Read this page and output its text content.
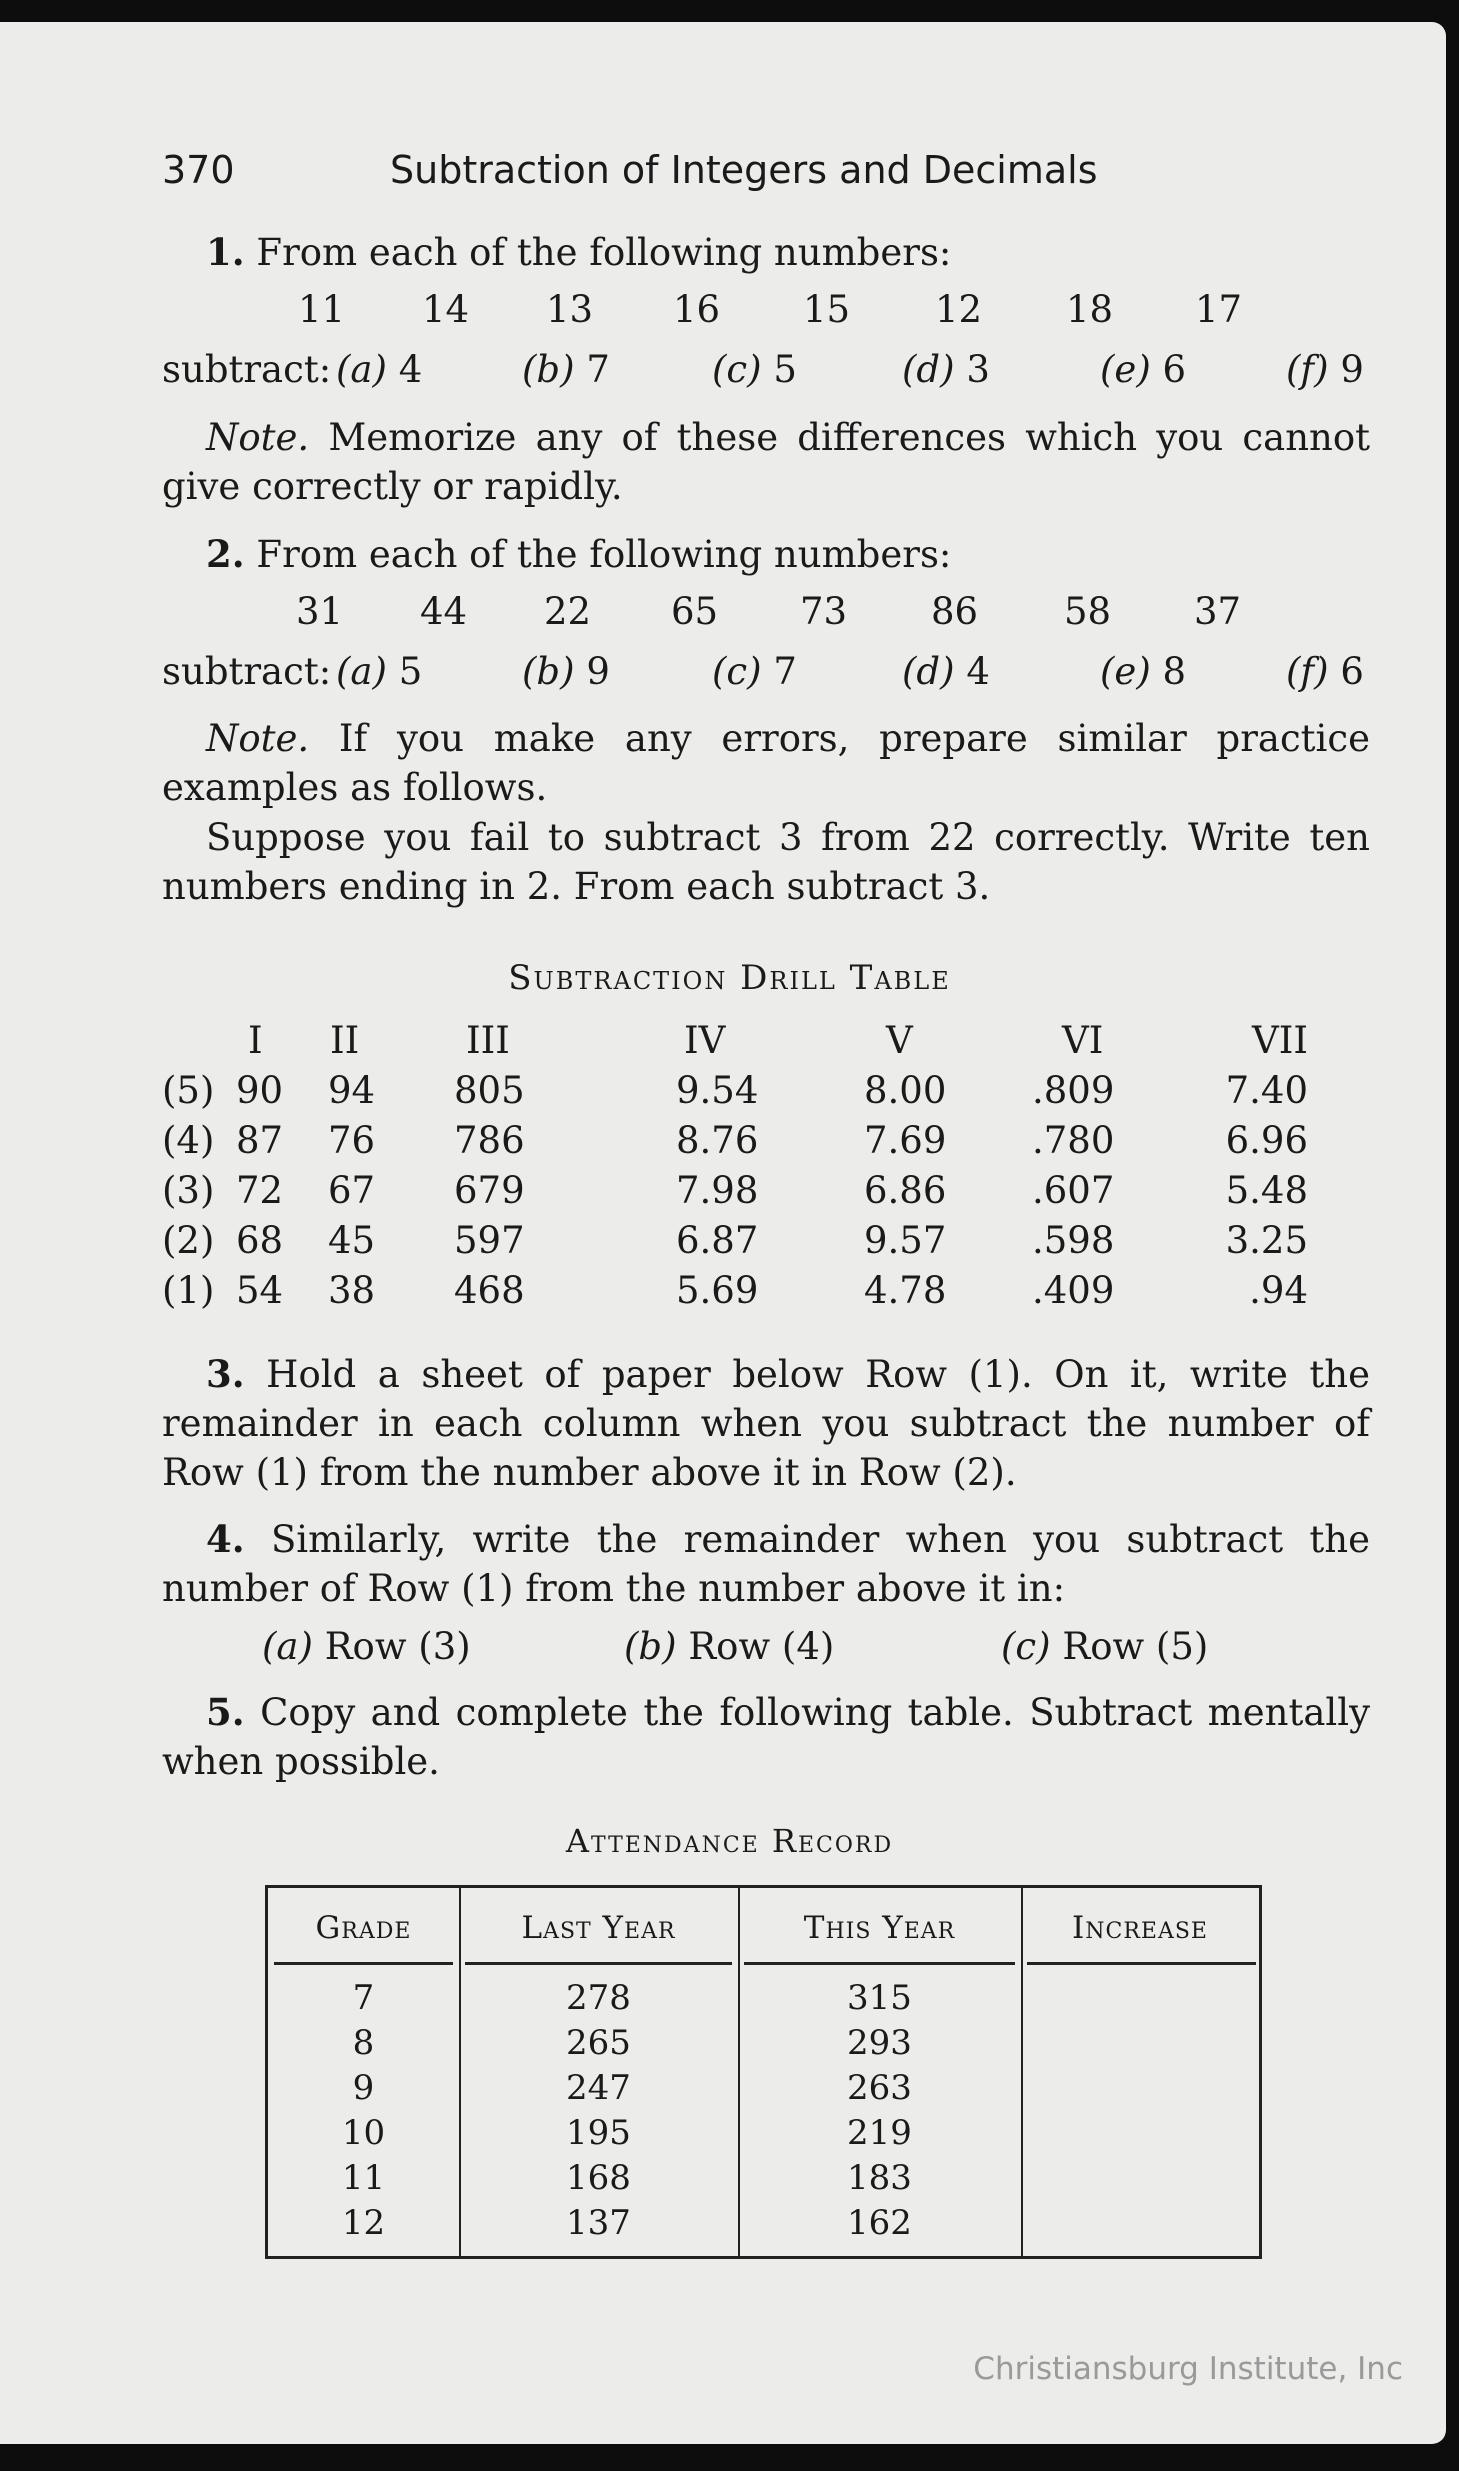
370	Subtraction of Integers and Decimals
1. From each of the following numbers:
11 14 13 16 15 12 18 17
subtract: (a) 4	(b) 7	(c) 5	(d) 3	(e) 6	(f) 9
Note. Memorize any of these differences which you cannot give correctly or rapidly.
2. From each of the following numbers:
31 44 22 65 73 86 58 37
subtract: (a) 5	(b) 9	(c) 7	(d) 4	(e) 8	(f) 6
Note. If you make any errors, prepare similar practice examples as follows.
Suppose you fail to subtract 3 from 22 correctly. Write ten numbers ending in 2. From each subtract 3.
Subtraction Drill Table
	I	II	III	IV	V	VI	VII
(5)	90	94	805	9.54	8.00	.809	7.40
(4)	87	76	786	8.76	7.69	.780	6.96
(3)	72	67	679	7.98	6.86	.607	5.48
(2)	68	45	597	6.87	9.57	.598	3.25
(1)	54	38	468	5.69	4.78	.409	.94
3. Hold a sheet of paper below Row (1). On it, write the remainder in each column when you subtract the number of Row (1) from the number above it in Row (2).
4. Similarly, write the remainder when you subtract the number of Row (1) from the number above it in:
(a) Row (3)	(b) Row (4)	(c) Row (5)
5. Copy and complete the following table. Subtract mentally when possible.
Attendance Record
Grade	Last Year	This Year	Increase
7	278	315
8	265	293
9	247	263
10	195	219
11	168	183
12	137	162
Christiansburg Institute, Inc
